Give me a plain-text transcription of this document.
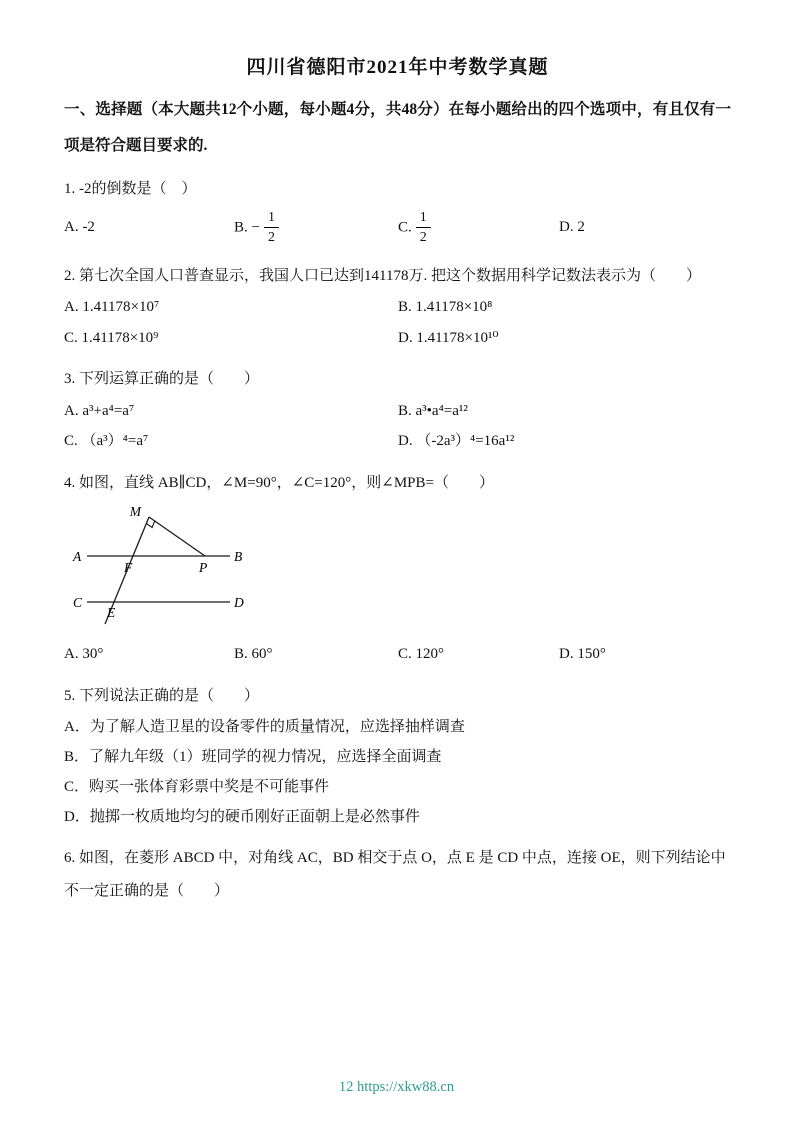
四川省德阳市2021年中考数学真题

一、选择题（本大题共12个小题，每小题4分，共48分）在每小题给出的四个选项中，有且仅有一项是符合题目要求的.

1. -2的倒数是（　）

A. -2	B. − $\frac{1}{2}$	C. $\frac{1}{2}$	D. 2

2. 第七次全国人口普查显示，我国人口已达到141178万. 把这个数据用科学记数法表示为（　　）

A. 1.41178×10⁷	B. 1.41178×10⁸
C. 1.41178×10⁹	D. 1.41178×10¹⁰

3. 下列运算正确的是（　　）

A. a³+a⁴=a⁷	B. a³•a⁴=a¹²
C. （a³）⁴=a⁷	D. （-2a³）⁴=16a¹²

4. 如图，直线 AB∥CD，∠M=90°，∠C=120°，则∠MPB=（　　）

M
A
F	P
B
C
E
D
A. 30°	B. 60°	C. 120°	D. 150°

5. 下列说法正确的是（　　）

A．为了解人造卫星的设备零件的质量情况，应选择抽样调查

B．了解九年级（1）班同学的视力情况，应选择全面调查

C．购买一张体育彩票中奖是不可能事件

D．抛掷一枚质地均匀的硬币刚好正面朝上是必然事件

6. 如图，在菱形 ABCD 中，对角线 AC，BD 相交于点 O，点 E 是 CD 中点，连接 OE，则下列结论中不一定正确的是（　　）

12 https://xkw88.cn
